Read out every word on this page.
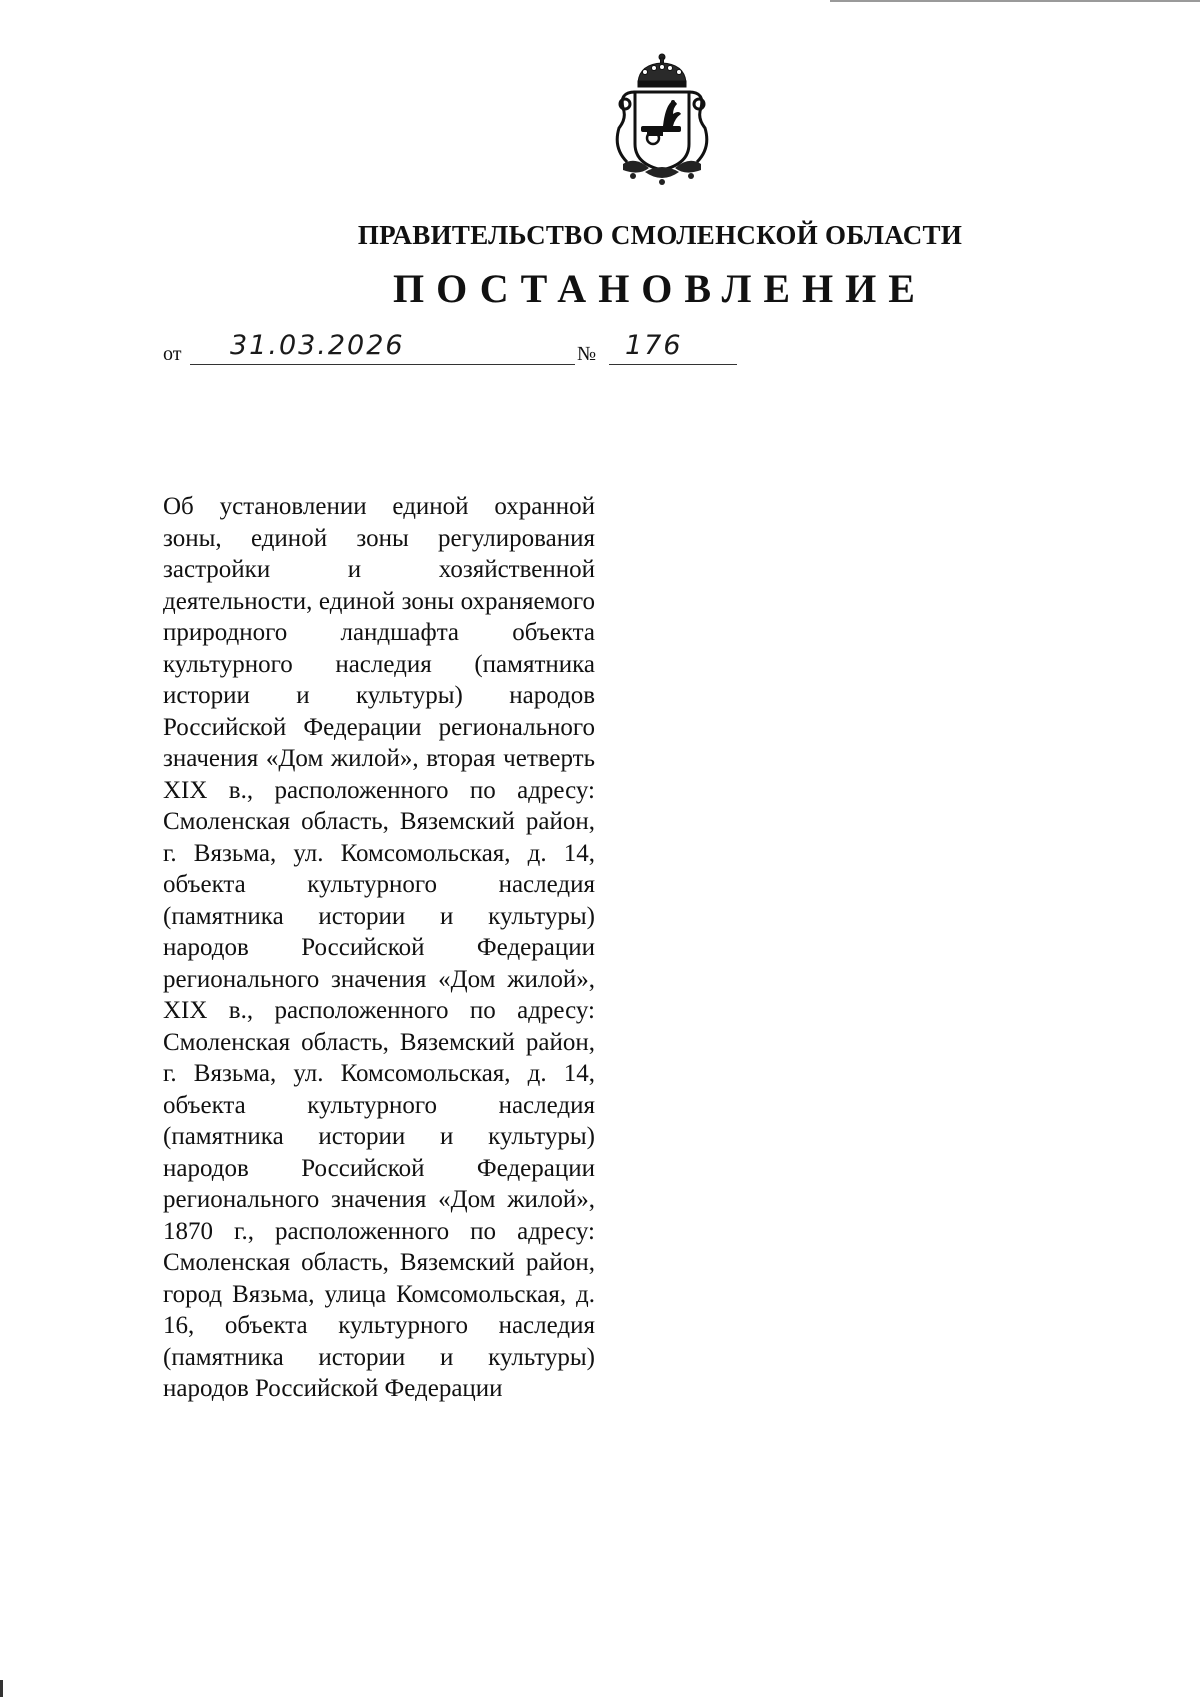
ПРАВИТЕЛЬСТВО СМОЛЕНСКОЙ ОБЛАСТИ
ПОСТАНОВЛЕНИЕ
от 31.03.2026	№ 176
Об установлении единой охранной зоны, единой зоны регулирования застройки и хозяйственной деятельности, единой зоны охраняемого природного ландшафта объекта культурного наследия (памятника истории и культуры) народов Российской Федерации регионального значения «Дом жилой», вторая четверть XIX в., расположенного по адресу: Смоленская область, Вяземский район, г. Вязьма, ул. Комсомольская, д. 14, объекта культурного наследия (памятника истории и культуры) народов Российской Федерации регионального значения «Дом жилой», XIX в., расположенного по адресу: Смоленская область, Вяземский район, г. Вязьма, ул. Комсомольская, д. 14, объекта культурного наследия (памятника истории и культуры) народов Российской Федерации регионального значения «Дом жилой», 1870 г., расположенного по адресу: Смоленская область, Вяземский район, город Вязьма, улица Комсомольская, д. 16, объекта культурного наследия (памятника истории и культуры) народов Российской Федерации
